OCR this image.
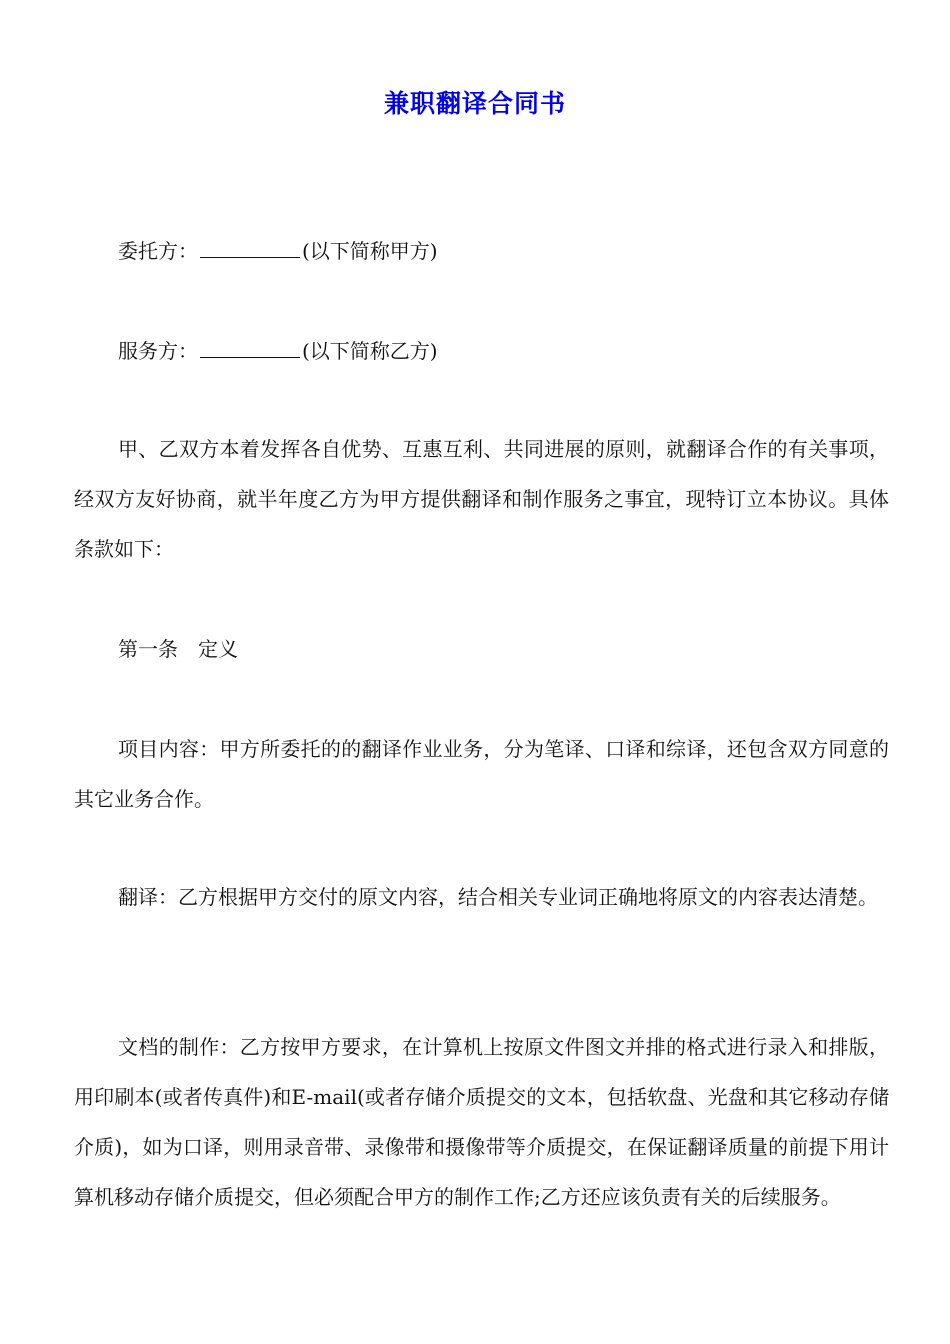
兼职翻译合同书

委托方：	(以下简称甲方)

服务方：	(以下简称乙方)

甲、乙双方本着发挥各自优势、互惠互利、共同进展的原则，就翻译合作的有关事项，经双方友好协商，就半年度乙方为甲方提供翻译和制作服务之事宜，现特订立本协议。具体条款如下：

第一条　定义

项目内容：甲方所委托的的翻译作业业务，分为笔译、口译和综译，还包含双方同意的其它业务合作。

翻译：乙方根据甲方交付的原文内容，结合相关专业词正确地将原文的内容表达清楚。

文档的制作：乙方按甲方要求，在计算机上按原文件图文并排的格式进行录入和排版，用印刷本(或者传真件)和E-mail(或者存储介质提交的文本，包括软盘、光盘和其它移动存储介质)，如为口译，则用录音带、录像带和摄像带等介质提交，在保证翻译质量的前提下用计算机移动存储介质提交，但必须配合甲方的制作工作;乙方还应该负责有关的后续服务。
